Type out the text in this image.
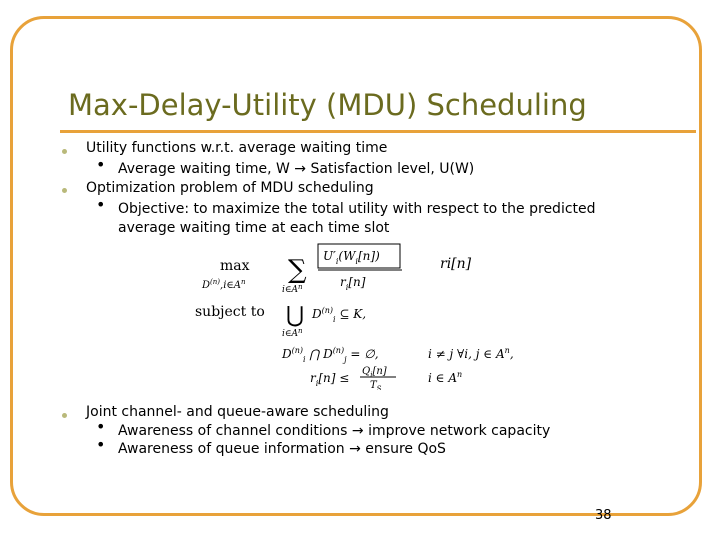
Max-Delay-Utility (MDU) Scheduling
Utility functions w.r.t. average waiting time
• Average waiting time, W → Satisfaction level, U(W)
Optimization problem of MDU scheduling
• Objective: to maximize the total utility with respect to the predicted
average waiting time at each time slot
max
$D^{(n)},i\in A^n$ ∑
$i\in A^n$
$U'_i(W_i[n])$
$r_i[n]$
ri[n]
subject to ⋃
$i\in A^n$
$D^{(n)}_i$ ⊆ K,
$D^{(n)}_i$ ⋂ $D^{(n)}_j$ = ∅,	i ≠ j ∀i, j ∈ $A^n$,
$r_i[n] \le Q_i[n]$
$T_S$
i ∈ $A^n$
Joint channel- and queue-aware scheduling
• Awareness of channel conditions → improve network capacity
• Awareness of queue information → ensure QoS
38
